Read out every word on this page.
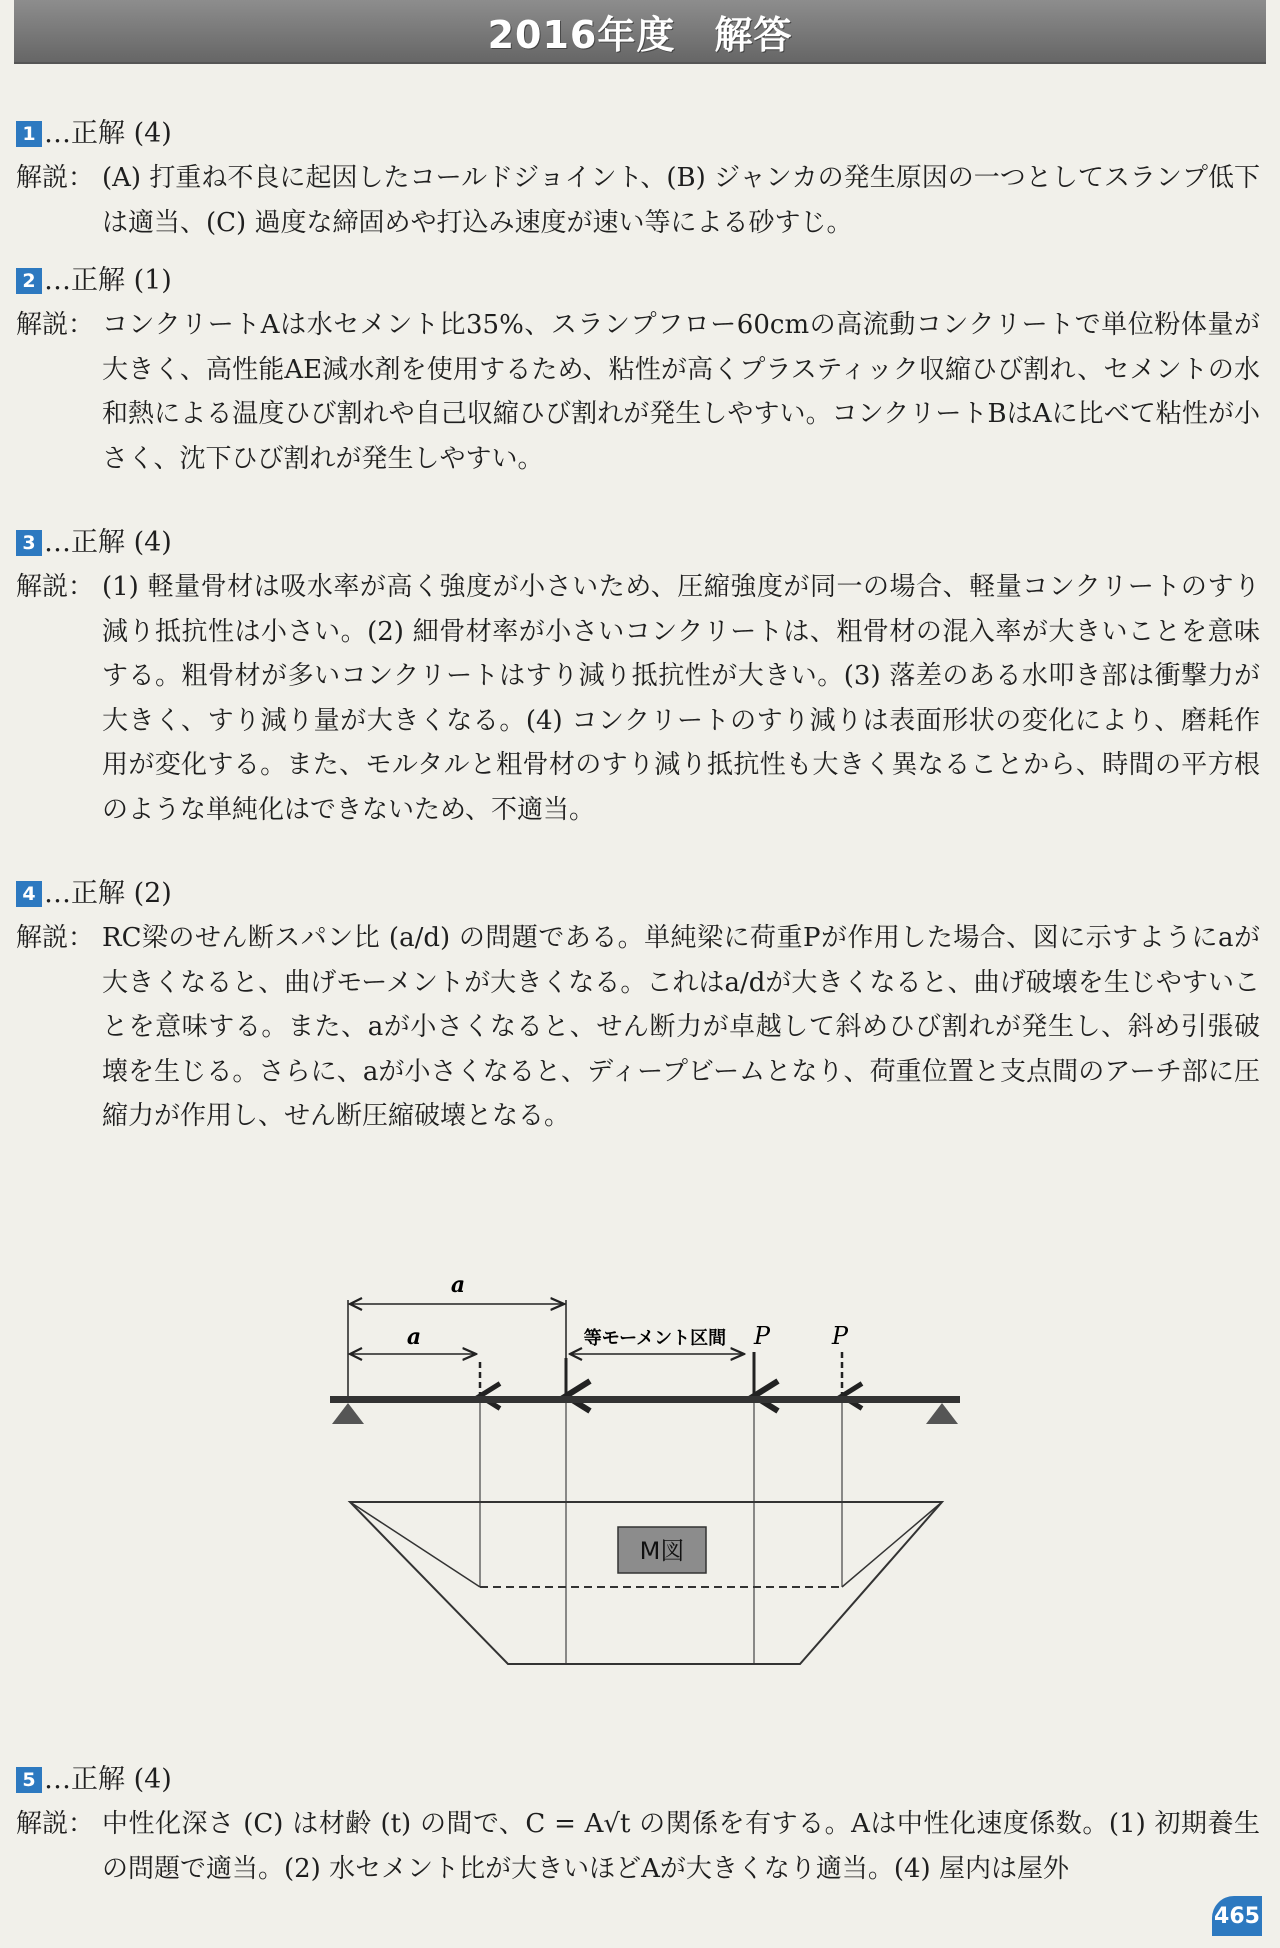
2016年度　解答
1 …正解 (4)
解説： (A) 打重ね不良に起因したコールドジョイント、(B) ジャンカの発生原因の一つとしてスランプ低下は適当、(C) 過度な締固めや打込み速度が速い等による砂すじ。
2 …正解 (1)
解説： コンクリートAは水セメント比35%、スランプフロー60cmの高流動コンクリートで単位粉体量が大きく、高性能AE減水剤を使用するため、粘性が高くプラスティック収縮ひび割れ、セメントの水和熱による温度ひび割れや自己収縮ひび割れが発生しやすい。コンクリートBはAに比べて粘性が小さく、沈下ひび割れが発生しやすい。
3 …正解 (4)
解説： (1) 軽量骨材は吸水率が高く強度が小さいため、圧縮強度が同一の場合、軽量コンクリートのすり減り抵抗性は小さい。(2) 細骨材率が小さいコンクリートは、粗骨材の混入率が大きいことを意味する。粗骨材が多いコンクリートはすり減り抵抗性が大きい。(3) 落差のある水叩き部は衝撃力が大きく、すり減り量が大きくなる。(4) コンクリートのすり減りは表面形状の変化により、磨耗作用が変化する。また、モルタルと粗骨材のすり減り抵抗性も大きく異なることから、時間の平方根のような単純化はできないため、不適当。
4 …正解 (2)
解説： RC梁のせん断スパン比 (a/d) の問題である。単純梁に荷重Pが作用した場合、図に示すようにaが大きくなると、曲げモーメントが大きくなる。これはa/dが大きくなると、曲げ破壊を生じやすいことを意味する。また、aが小さくなると、せん断力が卓越して斜めひび割れが発生し、斜め引張破壊を生じる。さらに、aが小さくなると、ディープビームとなり、荷重位置と支点間のアーチ部に圧縮力が作用し、せん断圧縮破壊となる。
a
a	等モーメント区間 P	P
M図
5 …正解 (4)
解説： 中性化深さ (C) は材齢 (t) の間で、C = A√t の関係を有する。Aは中性化速度係数。(1) 初期養生の問題で適当。(2) 水セメント比が大きいほどAが大きくなり適当。(4) 屋内は屋外
465
